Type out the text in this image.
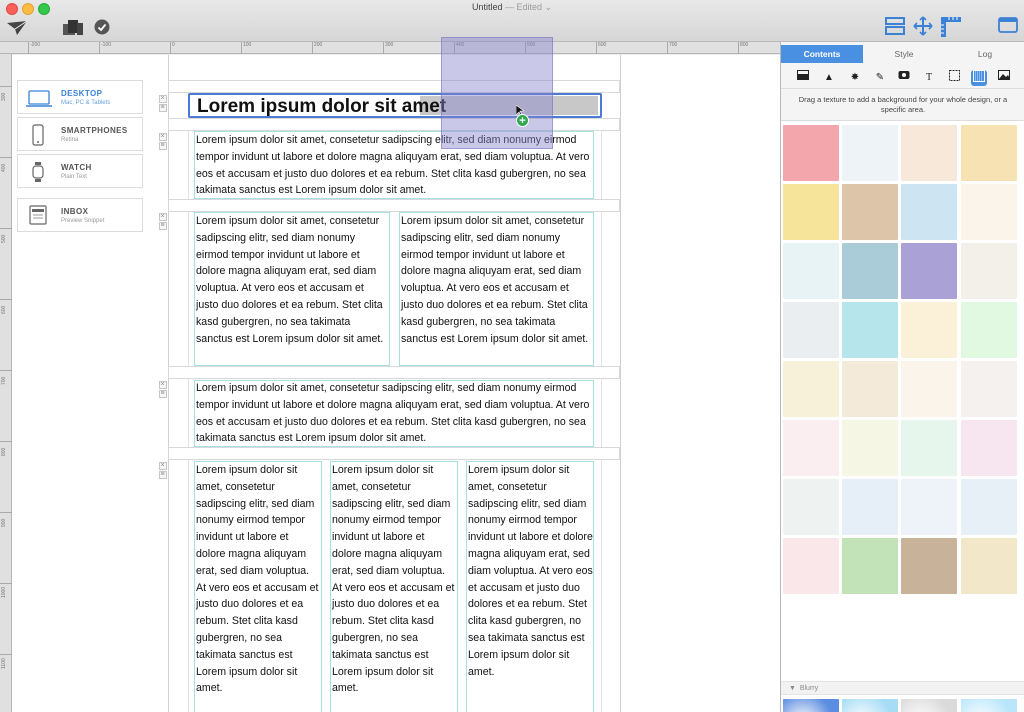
Untitled — Edited ⌄
-200	-100	0	100	200	300	400	500	600	700	800
300
400
500
600
700
800
900
1000
1100
DESKTOP
Mac, PC & Tablets
SMARTPHONES
Retina
WATCH
Plain Text
INBOX
Preview Snippet
×
≡
×
≡
×
≡
×
≡
×
≡
Lorem ipsum dolor sit amet
Lorem ipsum dolor sit amet, consetetur sadipscing elitr, sed diam nonumy eirmod tempor invidunt ut labore et dolore magna aliquyam erat, sed diam voluptua. At vero eos et accusam et justo duo dolores et ea rebum. Stet clita kasd gubergren, no sea takimata sanctus est Lorem ipsum dolor sit amet.
Lorem ipsum dolor sit amet, consetetur sadipscing elitr, sed diam nonumy eirmod tempor invidunt ut labore et dolore magna aliquyam erat, sed diam voluptua. At vero eos et accusam et justo duo dolores et ea rebum. Stet clita kasd gubergren, no sea takimata sanctus est Lorem ipsum dolor sit amet.
Lorem ipsum dolor sit amet, consetetur sadipscing elitr, sed diam nonumy eirmod tempor invidunt ut labore et dolore magna aliquyam erat, sed diam voluptua. At vero eos et accusam et justo duo dolores et ea rebum. Stet clita kasd gubergren, no sea takimata sanctus est Lorem ipsum dolor sit amet.
Lorem ipsum dolor sit amet, consetetur sadipscing elitr, sed diam nonumy eirmod tempor invidunt ut labore et dolore magna aliquyam erat, sed diam voluptua. At vero eos et accusam et justo duo dolores et ea rebum. Stet clita kasd gubergren, no sea takimata sanctus est Lorem ipsum dolor sit amet.
Lorem ipsum dolor sit amet, consetetur sadipscing elitr, sed diam nonumy eirmod tempor invidunt ut labore et dolore magna aliquyam erat, sed diam voluptua. At vero eos et accusam et justo duo dolores et ea rebum. Stet clita kasd gubergren, no sea takimata sanctus est Lorem ipsum dolor sit amet.
Lorem ipsum dolor sit amet, consetetur sadipscing elitr, sed diam nonumy eirmod tempor invidunt ut labore et dolore magna aliquyam erat, sed diam voluptua. At vero eos et accusam et justo duo dolores et ea rebum. Stet clita kasd gubergren, no sea takimata sanctus est Lorem ipsum dolor sit amet.
Lorem ipsum dolor sit amet, consetetur sadipscing elitr, sed diam nonumy eirmod tempor invidunt ut labore et dolore magna aliquyam erat, sed diam voluptua. At vero eos et accusam et justo duo dolores et ea rebum. Stet clita kasd gubergren, no sea takimata sanctus est Lorem ipsum dolor sit amet.
+
Contents	Style	Log
▲	✸	✎	T
Drag a texture to add a background for your whole design, or a specific area.
▼ Blurry
